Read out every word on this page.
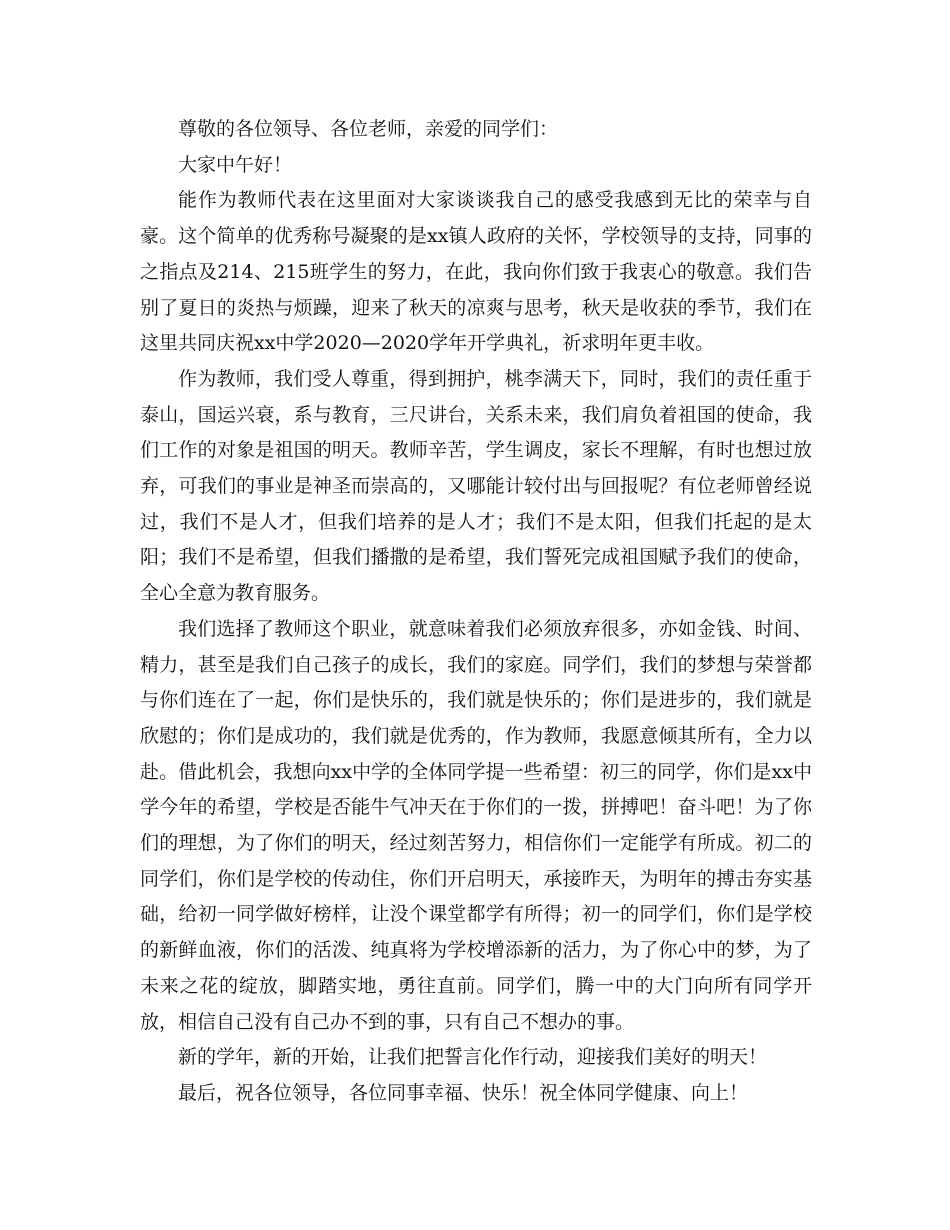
尊敬的各位领导、各位老师，亲爱的同学们：

大家中午好！

能作为教师代表在这里面对大家谈谈我自己的感受我感到无比的荣幸与自豪。这个简单的优秀称号凝聚的是xx镇人政府的关怀，学校领导的支持，同事的之指点及214、215班学生的努力，在此，我向你们致于我衷心的敬意。我们告别了夏日的炎热与烦躁，迎来了秋天的凉爽与思考，秋天是收获的季节，我们在这里共同庆祝xx中学2020—2020学年开学典礼，祈求明年更丰收。

作为教师，我们受人尊重，得到拥护，桃李满天下，同时，我们的责任重于泰山，国运兴衰，系与教育，三尺讲台，关系未来，我们肩负着祖国的使命，我们工作的对象是祖国的明天。教师辛苦，学生调皮，家长不理解，有时也想过放弃，可我们的事业是神圣而崇高的，又哪能计较付出与回报呢？有位老师曾经说过，我们不是人才，但我们培养的是人才；我们不是太阳，但我们托起的是太阳；我们不是希望，但我们播撒的是希望，我们誓死完成祖国赋予我们的使命，全心全意为教育服务。

我们选择了教师这个职业，就意味着我们必须放弃很多，亦如金钱、时间、精力，甚至是我们自己孩子的成长，我们的家庭。同学们，我们的梦想与荣誉都与你们连在了一起，你们是快乐的，我们就是快乐的；你们是进步的，我们就是欣慰的；你们是成功的，我们就是优秀的，作为教师，我愿意倾其所有，全力以赴。借此机会，我想向xx中学的全体同学提一些希望：初三的同学，你们是xx中学今年的希望，学校是否能牛气冲天在于你们的一拨，拼搏吧！奋斗吧！为了你们的理想，为了你们的明天，经过刻苦努力，相信你们一定能学有所成。初二的同学们，你们是学校的传动住，你们开启明天，承接昨天，为明年的搏击夯实基础，给初一同学做好榜样，让没个课堂都学有所得；初一的同学们，你们是学校的新鲜血液，你们的活泼、纯真将为学校增添新的活力，为了你心中的梦，为了未来之花的绽放，脚踏实地，勇往直前。同学们，腾一中的大门向所有同学开放，相信自己没有自己办不到的事，只有自己不想办的事。

新的学年，新的开始，让我们把誓言化作行动，迎接我们美好的明天！

最后，祝各位领导，各位同事幸福、快乐！祝全体同学健康、向上！
